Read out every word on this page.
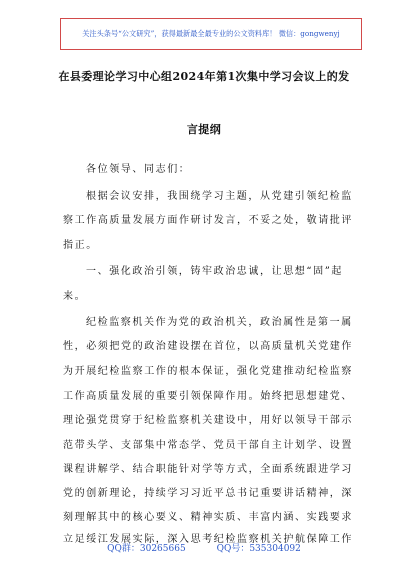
关注头条号“公文研究”，获得最新最全最专业的公文资料库！ 微信：gongwenyj
在县委理论学习中心组2024年第1次集中学习会议上的发
言提纲
各位领导、同志们：
根据会议安排，我围绕学习主题，从党建引领纪检监
察工作高质量发展方面作研讨发言，不妥之处，敬请批评
指正。
一、强化政治引领，铸牢政治忠诚，让思想“固”起
来。
纪检监察机关作为党的政治机关，政治属性是第一属
性，必须把党的政治建设摆在首位，以高质量机关党建作
为开展纪检监察工作的根本保证，强化党建推动纪检监察
工作高质量发展的重要引领保障作用。始终把思想建党、
理论强党贯穿于纪检监察机关建设中，用好以领导干部示
范带头学、支部集中常态学、党员干部自主计划学、设置
课程讲解学、结合职能针对学等方式，全面系统跟进学习
党的创新理论，持续学习习近平总书记重要讲话精神，深
刻理解其中的核心要义、精神实质、丰富内涵、实践要求
立足绥江发展实际，深入思考纪检监察机关护航保障工作
QQ群：30265665	QQ号：535304092
